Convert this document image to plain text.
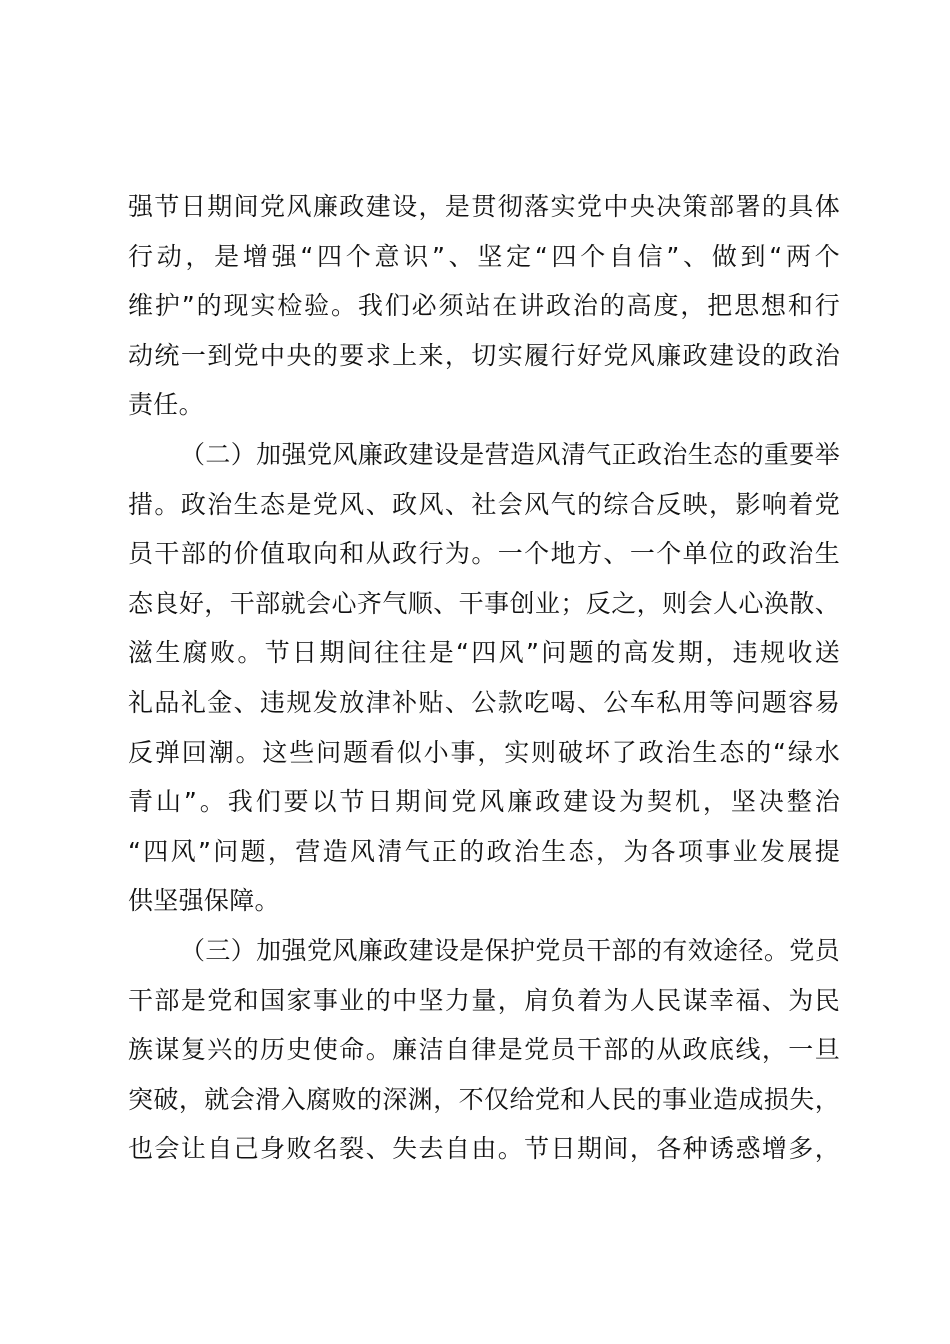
强节日期间党风廉政建设，是贯彻落实党中央决策部署的具体
行动，是增强“四个意识”、坚定“四个自信”、做到“两个
维护”的现实检验。我们必须站在讲政治的高度，把思想和行
动统一到党中央的要求上来，切实履行好党风廉政建设的政治
责任。
（二）加强党风廉政建设是营造风清气正政治生态的重要举
措。政治生态是党风、政风、社会风气的综合反映，影响着党
员干部的价值取向和从政行为。一个地方、一个单位的政治生
态良好，干部就会心齐气顺、干事创业；反之，则会人心涣散、
滋生腐败。节日期间往往是“四风”问题的高发期，违规收送
礼品礼金、违规发放津补贴、公款吃喝、公车私用等问题容易
反弹回潮。这些问题看似小事，实则破坏了政治生态的“绿水
青山”。我们要以节日期间党风廉政建设为契机，坚决整治
“四风”问题，营造风清气正的政治生态，为各项事业发展提
供坚强保障。
（三）加强党风廉政建设是保护党员干部的有效途径。党员
干部是党和国家事业的中坚力量，肩负着为人民谋幸福、为民
族谋复兴的历史使命。廉洁自律是党员干部的从政底线，一旦
突破，就会滑入腐败的深渊，不仅给党和人民的事业造成损失，
也会让自己身败名裂、失去自由。节日期间，各种诱惑增多，
